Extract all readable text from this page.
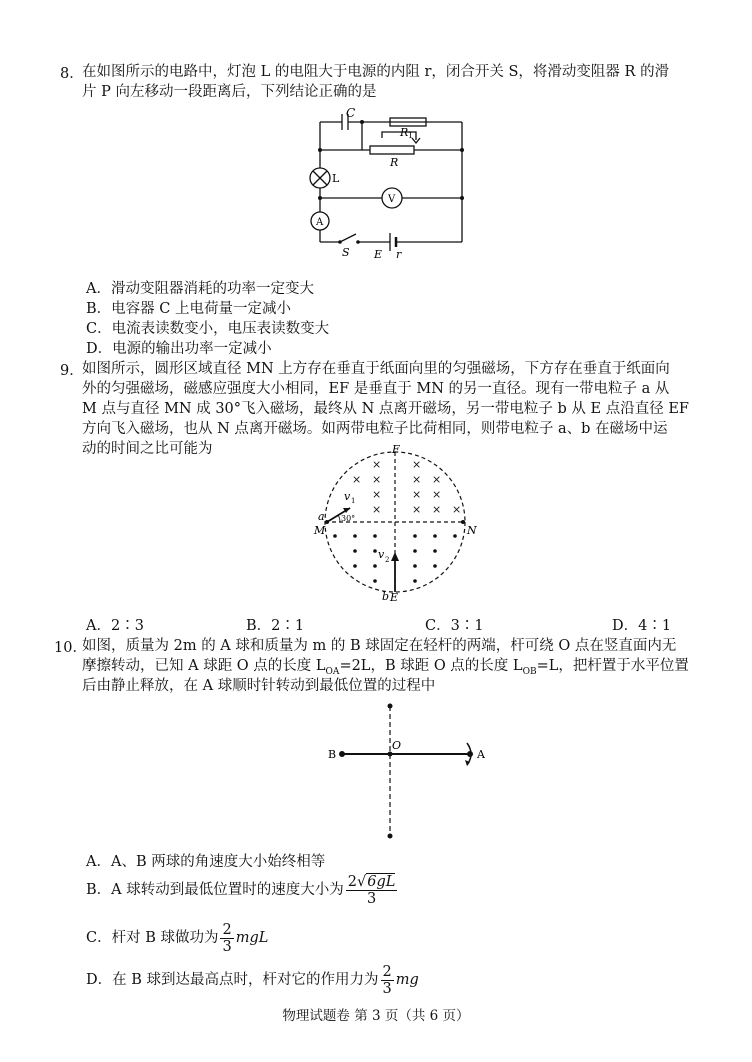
8．
在如图所示的电路中，灯泡 L 的电阻大于电源的内阻 r，闭合开关 S，将滑动变阻器 R 的滑
片 P 向左移动一段距离后，下列结论正确的是
C
R 1
R
L
V
A
S E r
A．滑动变阻器消耗的功率一定变大
B．电容器 C 上电荷量一定减小
C．电流表读数变小，电压表读数变大
D．电源的输出功率一定减小
9．
如图所示，圆形区域直径 MN 上方存在垂直于纸面向里的匀强磁场，下方存在垂直于纸面向
外的匀强磁场，磁感应强度大小相同，EF 是垂直于 MN 的另一直径。现有一带电粒子 a 从
M 点与直径 MN 成 30°飞入磁场，最终从 N 点离开磁场，另一带电粒子 b 从 E 点沿直径 EF
方向飞入磁场，也从 N 点离开磁场。如两带电粒子比荷相同，则带电粒子 a、b 在磁场中运
动的时间之比可能为
×	×
× ×	× ×
×	× ×
×	× × ×
F
E
b
M
a
N
v 1
30°
v 2
A．2∶3	B．2∶1	C．3∶1	D．4∶1
10．
如图，质量为 2m 的 A 球和质量为 m 的 B 球固定在轻杆的两端，杆可绕 O 点在竖直面内无
摩擦转动，已知 A 球距 O 点的长度 $L_{OA}=2L$，B 球距 O 点的长度 $L_{OB}=L$，把杆置于水平位置
后由静止释放，在 A 球顺时针转动到最低位置的过程中
B
O
A
A．A、B 两球的角速度大小始终相等
B．A 球转动到最低位置时的速度大小为 $\frac{2√6gL}{3}$
C．杆对 B 球做功为 $\frac{2}{3}$ mgL
D．在 B 球到达最高点时，杆对它的作用力为 $\frac{2}{3}$ mg
物理试题卷 第 3 页（共 6 页）
